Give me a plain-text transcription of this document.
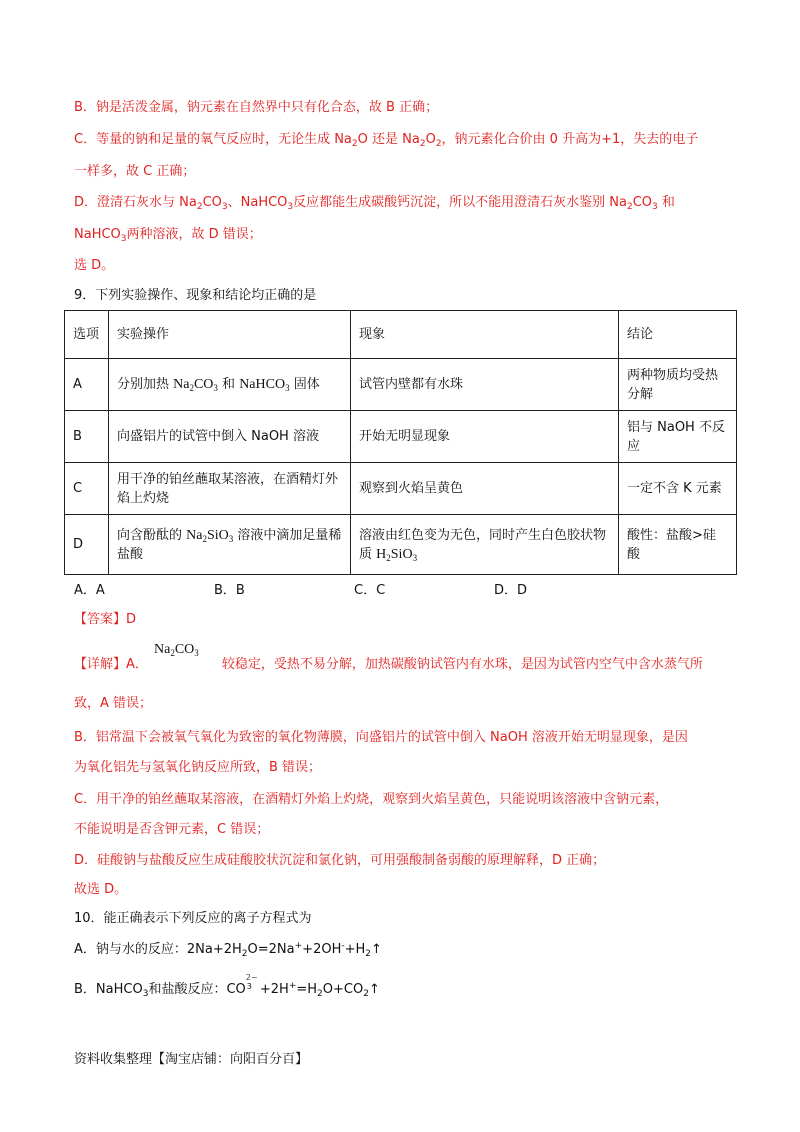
B．钠是活泼金属，钠元素在自然界中只有化合态，故 B 正确；
C．等量的钠和足量的氧气反应时，无论生成 $Na_2O$ 还是 $Na_2O_2$，钠元素化合价由 0 升高为+1，失去的电子
一样多，故 C 正确；
D．澄清石灰水与 $Na_2CO_3$、NaHCO$_3$反应都能生成碳酸钙沉淀，所以不能用澄清石灰水鉴别 $Na_2CO_3$ 和
NaHCO$_3$两种溶液，故 D 错误；
选 D。
9．下列实验操作、现象和结论均正确的是
选项	实验操作	现象	结论
A	分别加热 $Na_2CO_3$ 和 NaHCO$_3$ 固体	试管内壁都有水珠	两种物质均受热分解
B	向盛铝片的试管中倒入 NaOH 溶液	开始无明显现象	铝与 NaOH 不反应
C	用干净的铂丝蘸取某溶液，在酒精灯外焰上灼烧	观察到火焰呈黄色	一定不含 K 元素
D	向含酚酞的 $Na_2SiO_3$ 溶液中滴加足量稀盐酸	溶液由红色变为无色，同时产生白色胶状物质 $H_2SiO_3$	酸性：盐酸>硅酸
A．A	B．B	C．C	D．D
【答案】D
$Na_2CO_3$
【详解】A．	较稳定，受热不易分解，加热碳酸钠试管内有水珠，是因为试管内空气中含水蒸气所
致，A 错误；
B．铝常温下会被氧气氧化为致密的氧化物薄膜，向盛铝片的试管中倒入 NaOH 溶液开始无明显现象，是因
为氧化铝先与氢氧化钠反应所致，B 错误；
C．用干净的铂丝蘸取某溶液，在酒精灯外焰上灼烧，观察到火焰呈黄色，只能说明该溶液中含钠元素，
不能说明是否含钾元素，C 错误；
D．硅酸钠与盐酸反应生成硅酸胶状沉淀和氯化钠，可用强酸制备弱酸的原理解释，D 正确；
故选 D。
10．能正确表示下列反应的离子方程式为
A．钠与水的反应：$2Na+2H_2O=2Na^++2OH^-+H_2↑$
B．NaHCO$_3$和盐酸反应：CO
2−
$3 +2H^+=H_2O+CO_2↑$
资料收集整理【淘宝店铺：向阳百分百】
